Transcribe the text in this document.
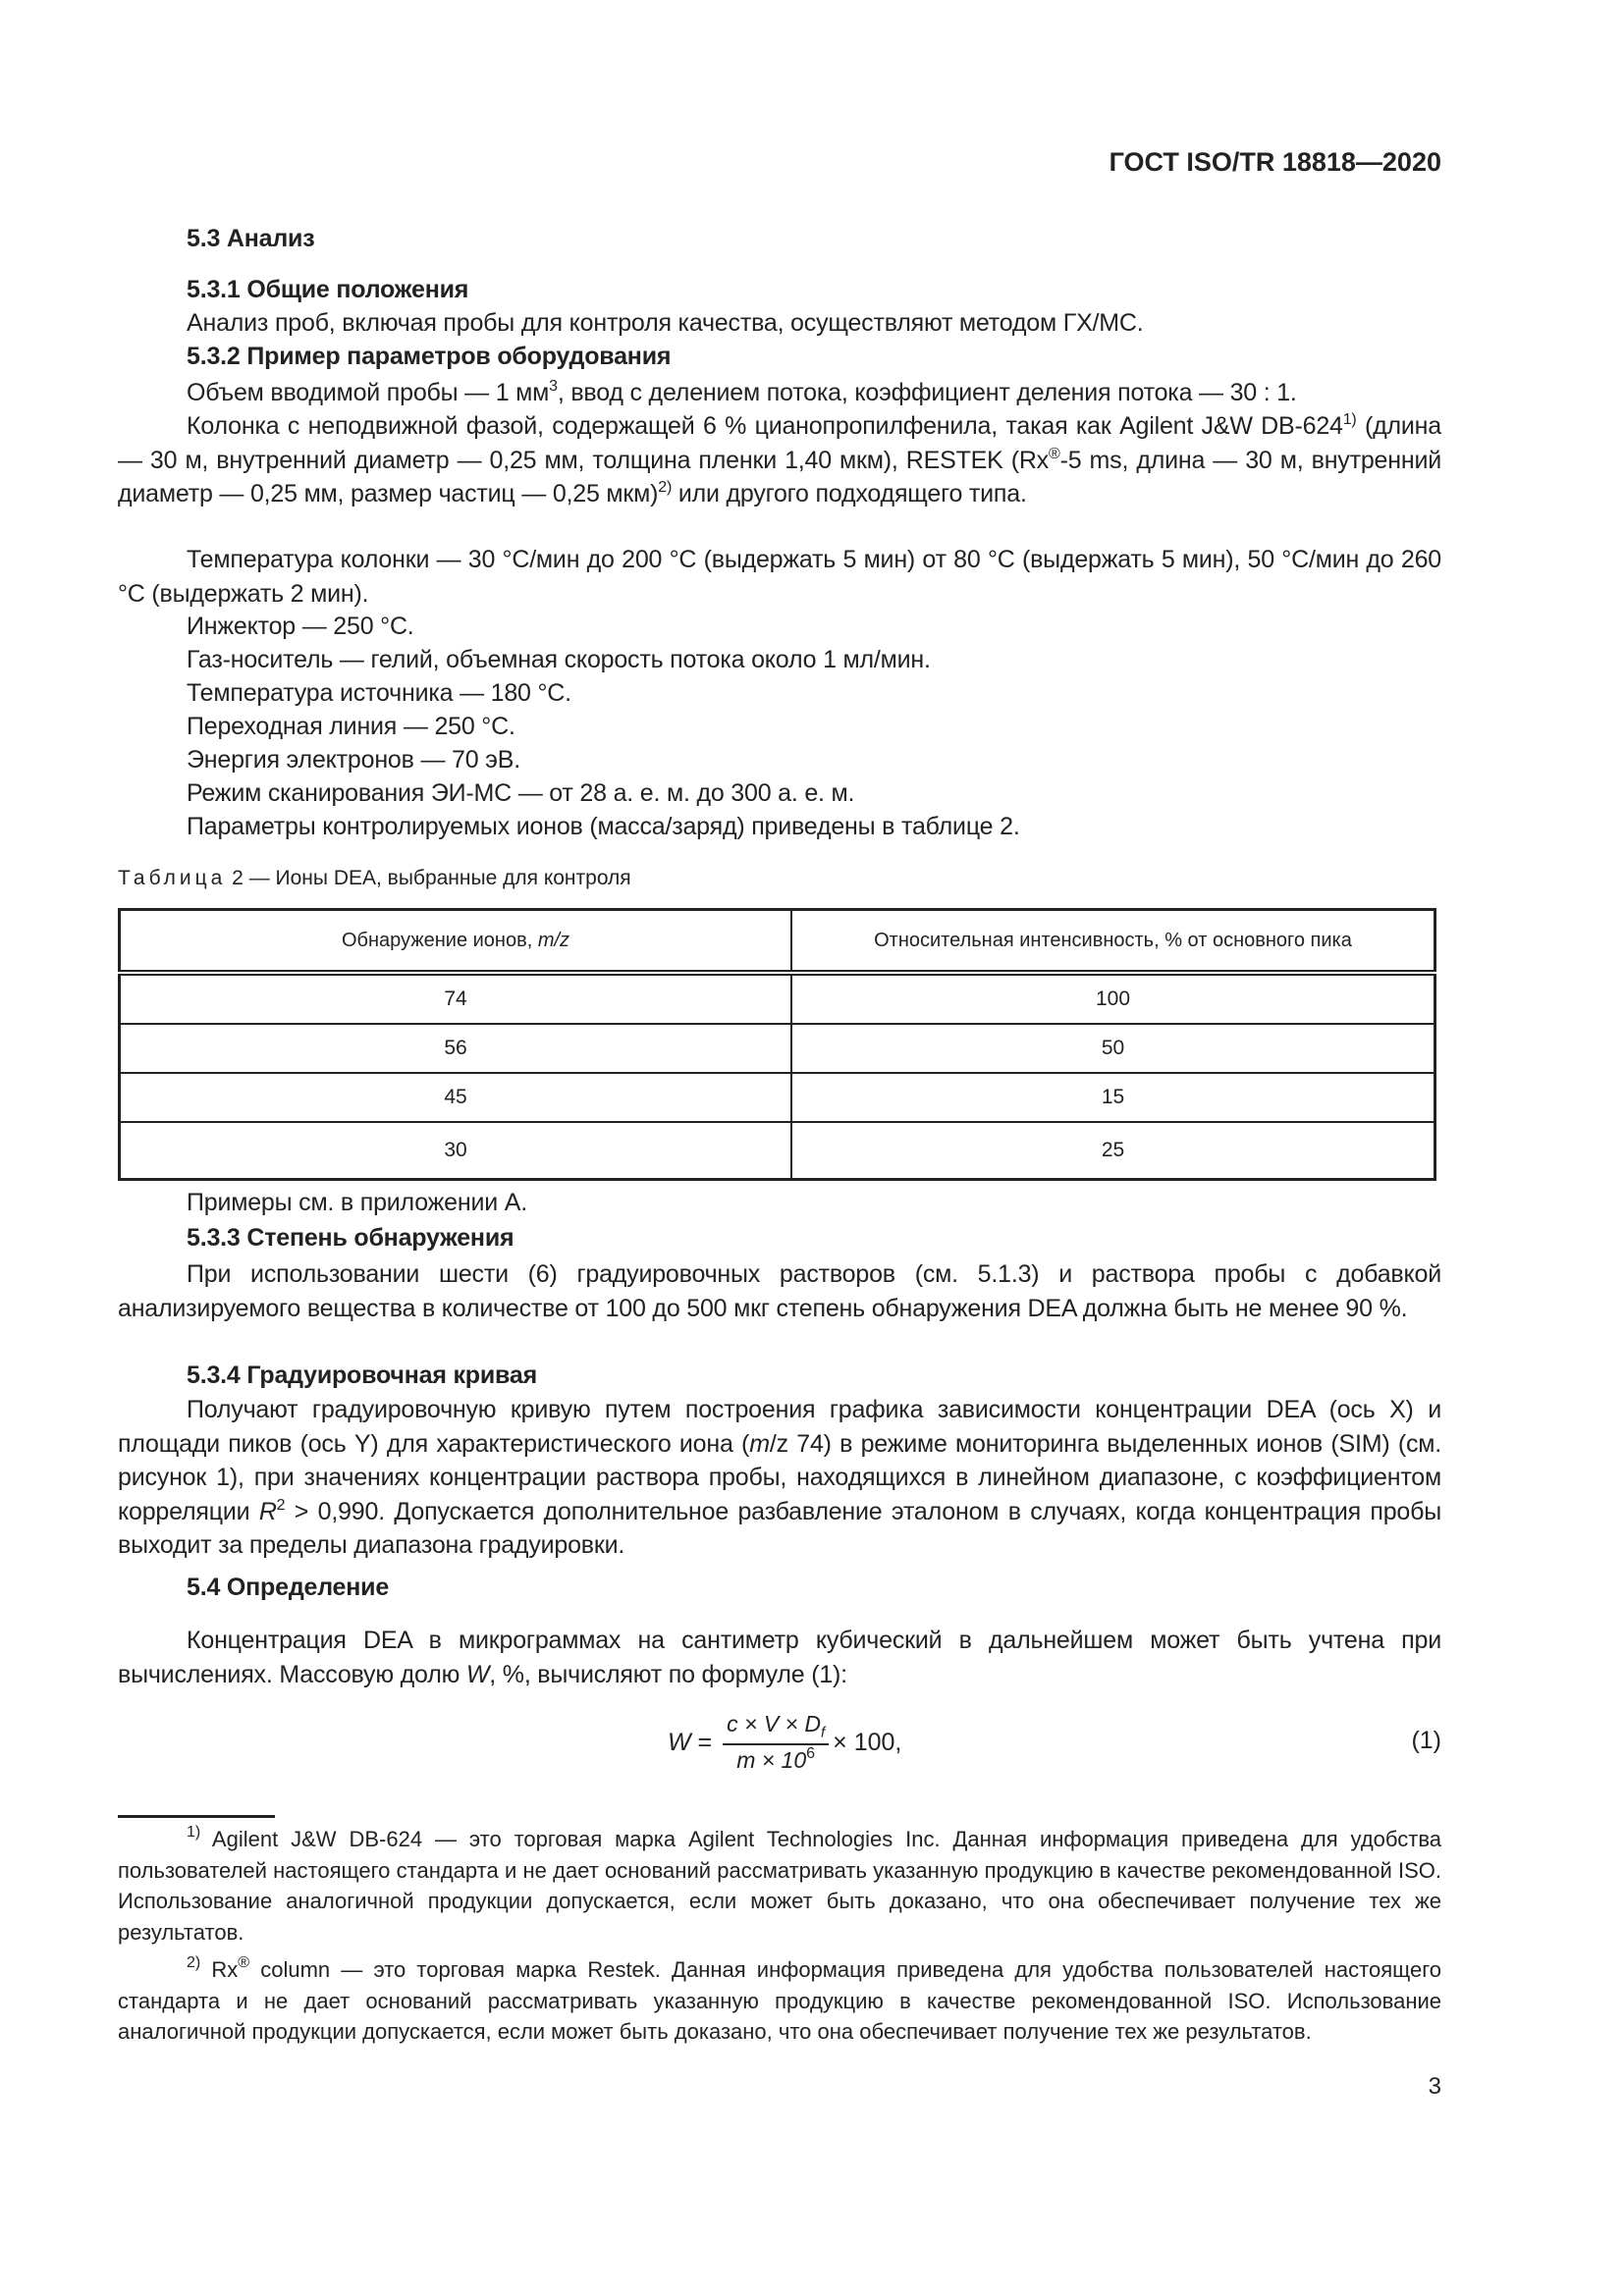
ГОСТ ISO/TR 18818—2020
5.3 Анализ
5.3.1 Общие положения
Анализ проб, включая пробы для контроля качества, осуществляют методом ГХ/МС.
5.3.2 Пример параметров оборудования
Объем вводимой пробы — 1 $мм^3$, ввод с делением потока, коэффициент деления потока — 30 : 1.
Колонка с неподвижной фазой, содержащей 6 % цианопропилфенила, такая как Agilent J&W DB-624$^{1)}$ (длина — 30 м, внутренний диаметр — 0,25 мм, толщина пленки 1,40 мкм), RESTEK (Rx®-5 ms, длина — 30 м, внутренний диаметр — 0,25 мм, размер частиц — 0,25 мкм)$^{2)}$ или другого подходящего типа.
Температура колонки — 30 °С/мин до 200 °С (выдержать 5 мин) от 80 °С (выдержать 5 мин), 50 °С/мин до 260 °С (выдержать 2 мин).
Инжектор — 250 °С.
Газ-носитель — гелий, объемная скорость потока около 1 мл/мин.
Температура источника — 180 °С.
Переходная линия — 250 °С.
Энергия электронов — 70 эВ.
Режим сканирования ЭИ-МС — от 28 а. е. м. до 300 а. е. м.
Параметры контролируемых ионов (масса/заряд) приведены в таблице 2.
Таблица 2 — Ионы DEA, выбранные для контроля
Обнаружение ионов, m/z	Относительная интенсивность, % от основного пика
74	100
56	50
45	15
30	25
Примеры см. в приложении А.
5.3.3 Степень обнаружения
При использовании шести (6) градуировочных растворов (см. 5.1.3) и раствора пробы с добавкой анализируемого вещества в количестве от 100 до 500 мкг степень обнаружения DEA должна быть не менее 90 %.
5.3.4 Градуировочная кривая
Получают градуировочную кривую путем построения графика зависимости концентрации DEA (ось X) и площади пиков (ось Y) для характеристического иона (m/z 74) в режиме мониторинга выделенных ионов (SIM) (см. рисунок 1), при значениях концентрации раствора пробы, находящихся в линейном диапазоне, с коэффициентом корреляции $R^2 > 0,990$. Допускается дополнительное разбавление эталоном в случаях, когда концентрация пробы выходит за пределы диапазона градуировки.
5.4 Определение
Концентрация DEA в микрограммах на сантиметр кубический в дальнейшем может быть учтена при вычислениях. Массовую долю W, %, вычисляют по формуле (1):
$W = \frac{c \times V \times D_f}{m \times 10^6} \times 100$,	(1)
$^{1)}$ Agilent J&W DB-624 — это торговая марка Agilent Technologies Inc. Данная информация приведена для удобства пользователей настоящего стандарта и не дает оснований рассматривать указанную продукцию в качестве рекомендованной ISO. Использование аналогичной продукции допускается, если может быть доказано, что она обеспечивает получение тех же результатов.
$^{2)}$ Rx® column — это торговая марка Restek. Данная информация приведена для удобства пользователей настоящего стандарта и не дает оснований рассматривать указанную продукцию в качестве рекомендованной ISO. Использование аналогичной продукции допускается, если может быть доказано, что она обеспечивает получение тех же результатов.
3
